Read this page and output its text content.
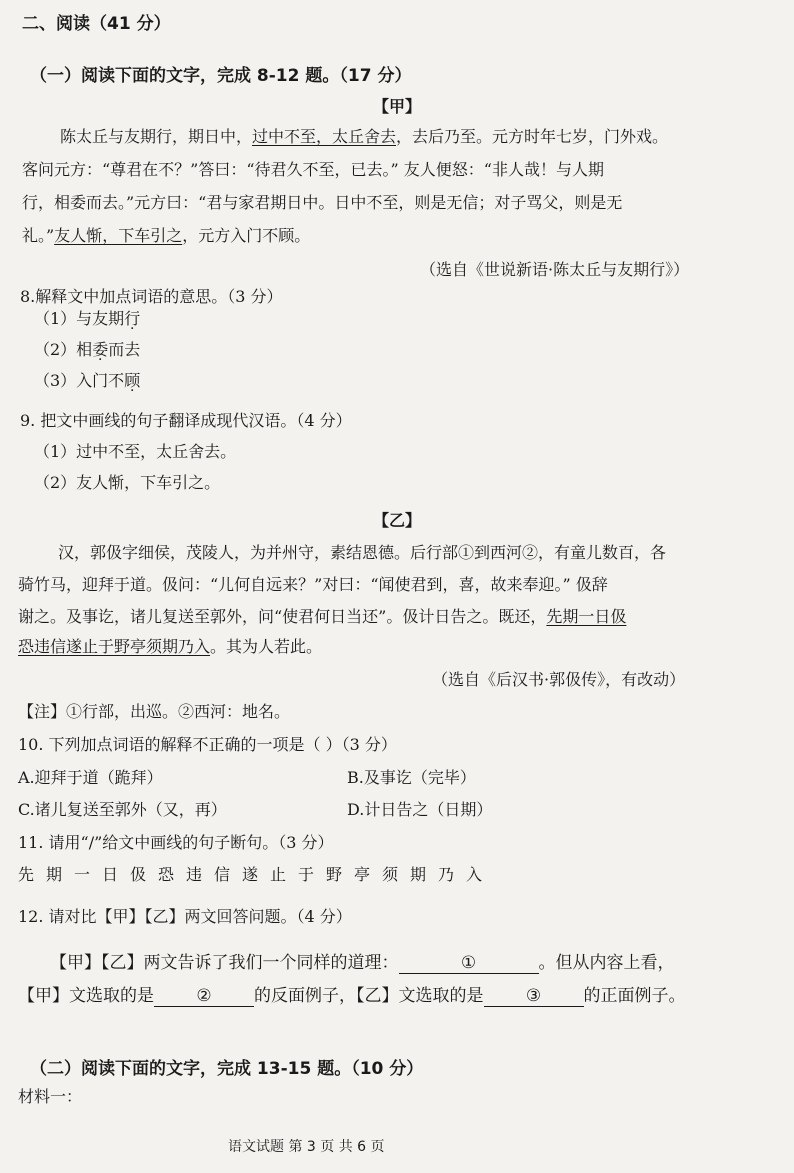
二、阅读（41 分）
（一）阅读下面的文字，完成 8-12 题。（17 分）
【甲】
陈太丘与友期行，期日中，过中不至，太丘舍去，去后乃至。元方时年七岁，门外戏。
客问元方：“尊君在不？”答曰：“待君久不至，已去。” 友人便怒：“非人哉！与人期
行，相委而去。”元方曰：“君与家君期日中。日中不至，则是无信；对子骂父，则是无
礼。”友人惭，下车引之，元方入门不顾。
（选自《世说新语·陈太丘与友期行》）
8.解释文中加点词语的意思。（3 分）
（1）与友期行
（2）相委而去
（3）入门不顾
9. 把文中画线的句子翻译成现代汉语。（4 分）
（1）过中不至，太丘舍去。
（2）友人惭，下车引之。
【乙】
汉，郭伋字细侯，茂陵人，为并州守，素结恩德。后行部①到西河②，有童儿数百，各
骑竹马，迎拜于道。伋问：“儿何自远来？”对曰：“闻使君到，喜，故来奉迎。” 伋辞
谢之。及事讫，诸儿复送至郭外，问“使君何日当还”。伋计日告之。既还，先期一日伋
恐违信遂止于野亭须期乃入。其为人若此。
（选自《后汉书·郭伋传》，有改动）
【注】①行部，出巡。②西河：地名。
10. 下列加点词语的解释不正确的一项是（ ）（3 分）
A.迎拜于道（跪拜）	B.及事讫（完毕）
C.诸儿复送至郭外（又，再）	D.计日告之（日期）
11. 请用“/”给文中画线的句子断句。（3 分）
先期一日伋恐违信遂止于野亭须期乃入
12. 请对比【甲】【乙】两文回答问题。（4 分）
【甲】【乙】两文告诉了我们一个同样的道理：	①	。但从内容上看，
【甲】文选取的是 ② 的反面例子，【乙】文选取的是 ③ 的正面例子。
（二）阅读下面的文字，完成 13-15 题。（10 分）
材料一：
语文试题 第 3 页 共 6 页
